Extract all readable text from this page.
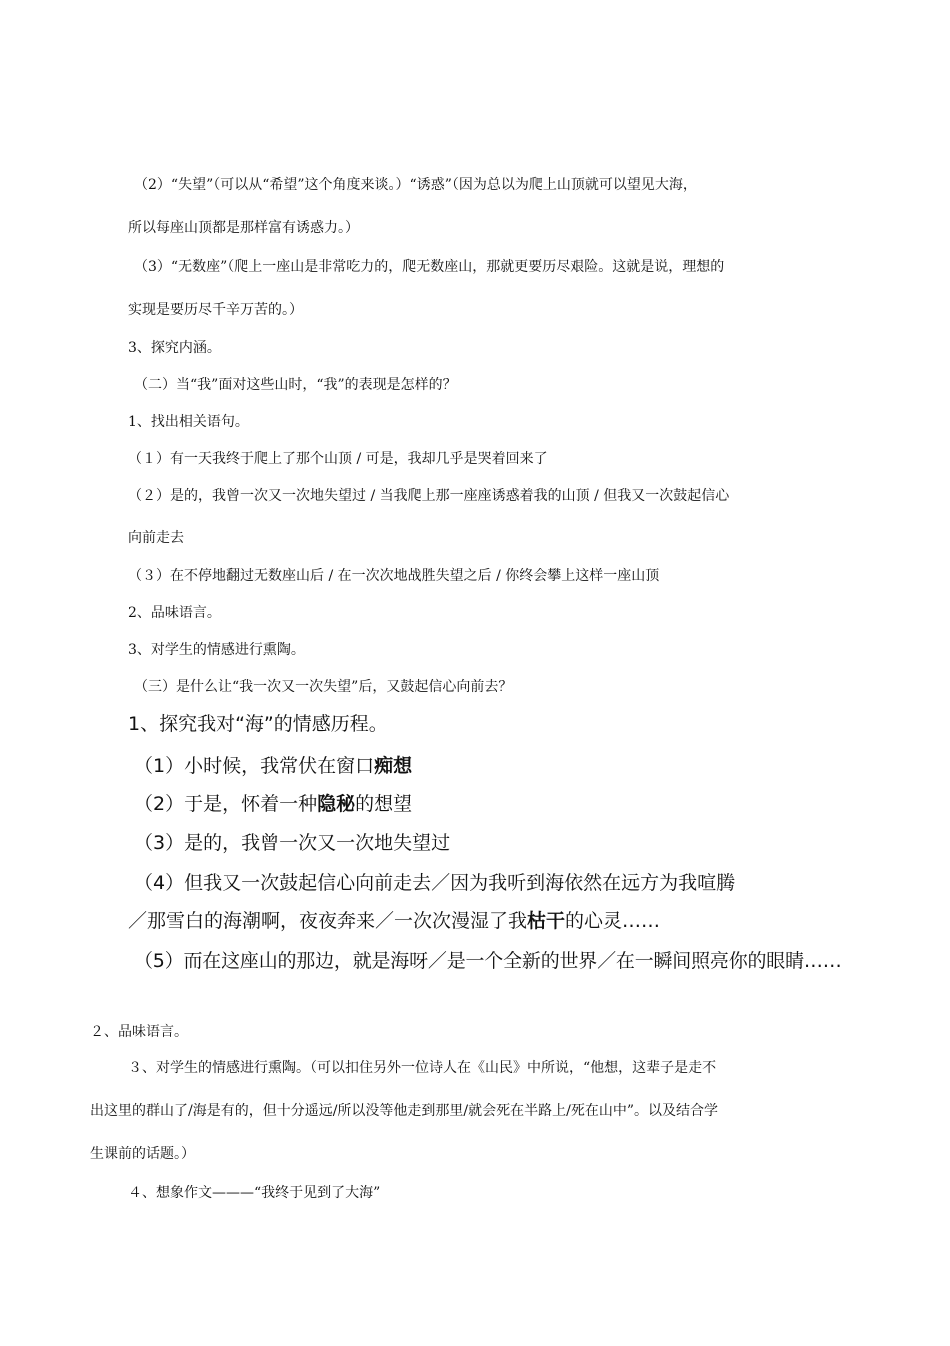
（2）“失望”（可以从“希望”这个角度来谈。）“诱惑”（因为总以为爬上山顶就可以望见大海，

所以每座山顶都是那样富有诱惑力。）

（3）“无数座”（爬上一座山是非常吃力的，爬无数座山，那就更要历尽艰险。这就是说，理想的

实现是要历尽千辛万苦的。）

3、探究内涵。

（二）当“我”面对这些山时，“我”的表现是怎样的？

1、找出相关语句。

（１）有一天我终于爬上了那个山顶 / 可是，我却几乎是哭着回来了

（２）是的，我曾一次又一次地失望过 / 当我爬上那一座座诱惑着我的山顶 / 但我又一次鼓起信心

向前走去

（３）在不停地翻过无数座山后 / 在一次次地战胜失望之后 / 你终会攀上这样一座山顶

2、品味语言。

3、对学生的情感进行熏陶。

（三）是什么让“我一次又一次失望”后，又鼓起信心向前去？

1、探究我对“海”的情感历程。

（1）小时候，我常伏在窗口痴想

（2）于是，怀着一种隐秘的想望

（3）是的，我曾一次又一次地失望过

（4）但我又一次鼓起信心向前走去／因为我听到海依然在远方为我喧腾

／那雪白的海潮啊，夜夜奔来／一次次漫湿了我枯干的心灵……

（5）而在这座山的那边，就是海呀／是一个全新的世界／在一瞬间照亮你的眼睛……

２、品味语言。

３、对学生的情感进行熏陶。（可以扣住另外一位诗人在《山民》中所说，“他想，这辈子是走不

出这里的群山了/海是有的，但十分遥远/所以没等他走到那里/就会死在半路上/死在山中”。以及结合学

生课前的话题。）

４、想象作文———“我终于见到了大海”
